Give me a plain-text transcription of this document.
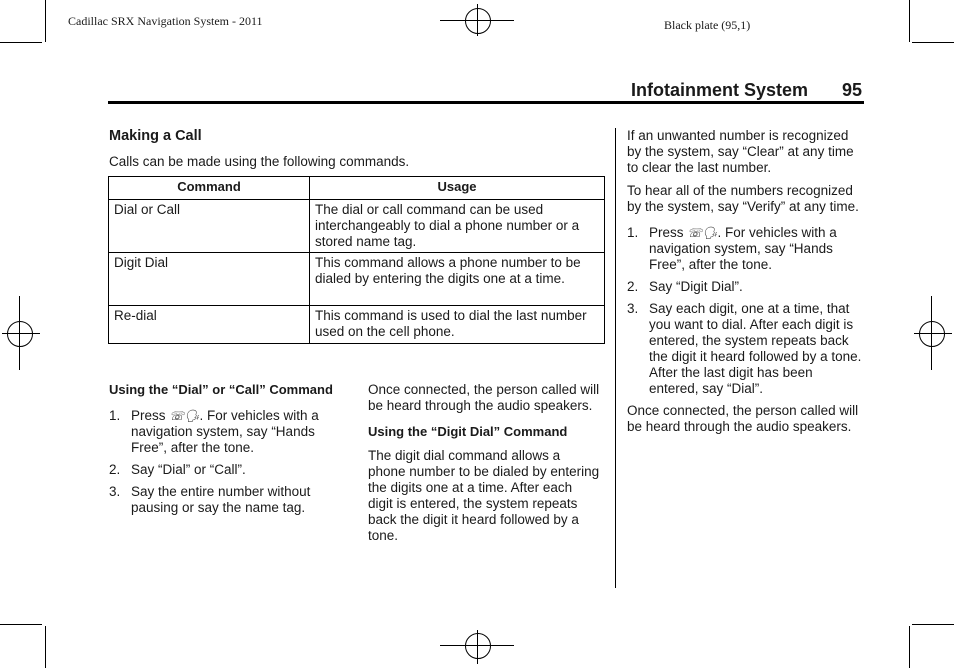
Cadillac SRX Navigation System - 2011	Black plate (95,1)
Infotainment System 95
Making a Call
Calls can be made using the following commands.
Command	Usage
Dial or Call	The dial or call command can be used interchangeably to dial a phone number or a stored name tag.
Digit Dial	This command allows a phone number to be dialed by entering the digits one at a time.
Re-dial	This command is used to dial the last number used on the cell phone.
Using the “Dial” or “Call” Command
1. Press ☏🗣. For vehicles with a navigation system, say “Hands Free”, after the tone.
2. Say “Dial” or “Call”.
3. Say the entire number without pausing or say the name tag.
Once connected, the person called will be heard through the audio speakers.
Using the “Digit Dial” Command
The digit dial command allows a phone number to be dialed by entering the digits one at a time. After each digit is entered, the system repeats back the digit it heard followed by a tone.
If an unwanted number is recognized by the system, say “Clear” at any time to clear the last number.
To hear all of the numbers recognized by the system, say “Verify” at any time.
1. Press ☏🗣. For vehicles with a navigation system, say “Hands Free”, after the tone.
2. Say “Digit Dial”.
3. Say each digit, one at a time, that you want to dial. After each digit is entered, the system repeats back the digit it heard followed by a tone. After the last digit has been entered, say “Dial”.
Once connected, the person called will be heard through the audio speakers.
